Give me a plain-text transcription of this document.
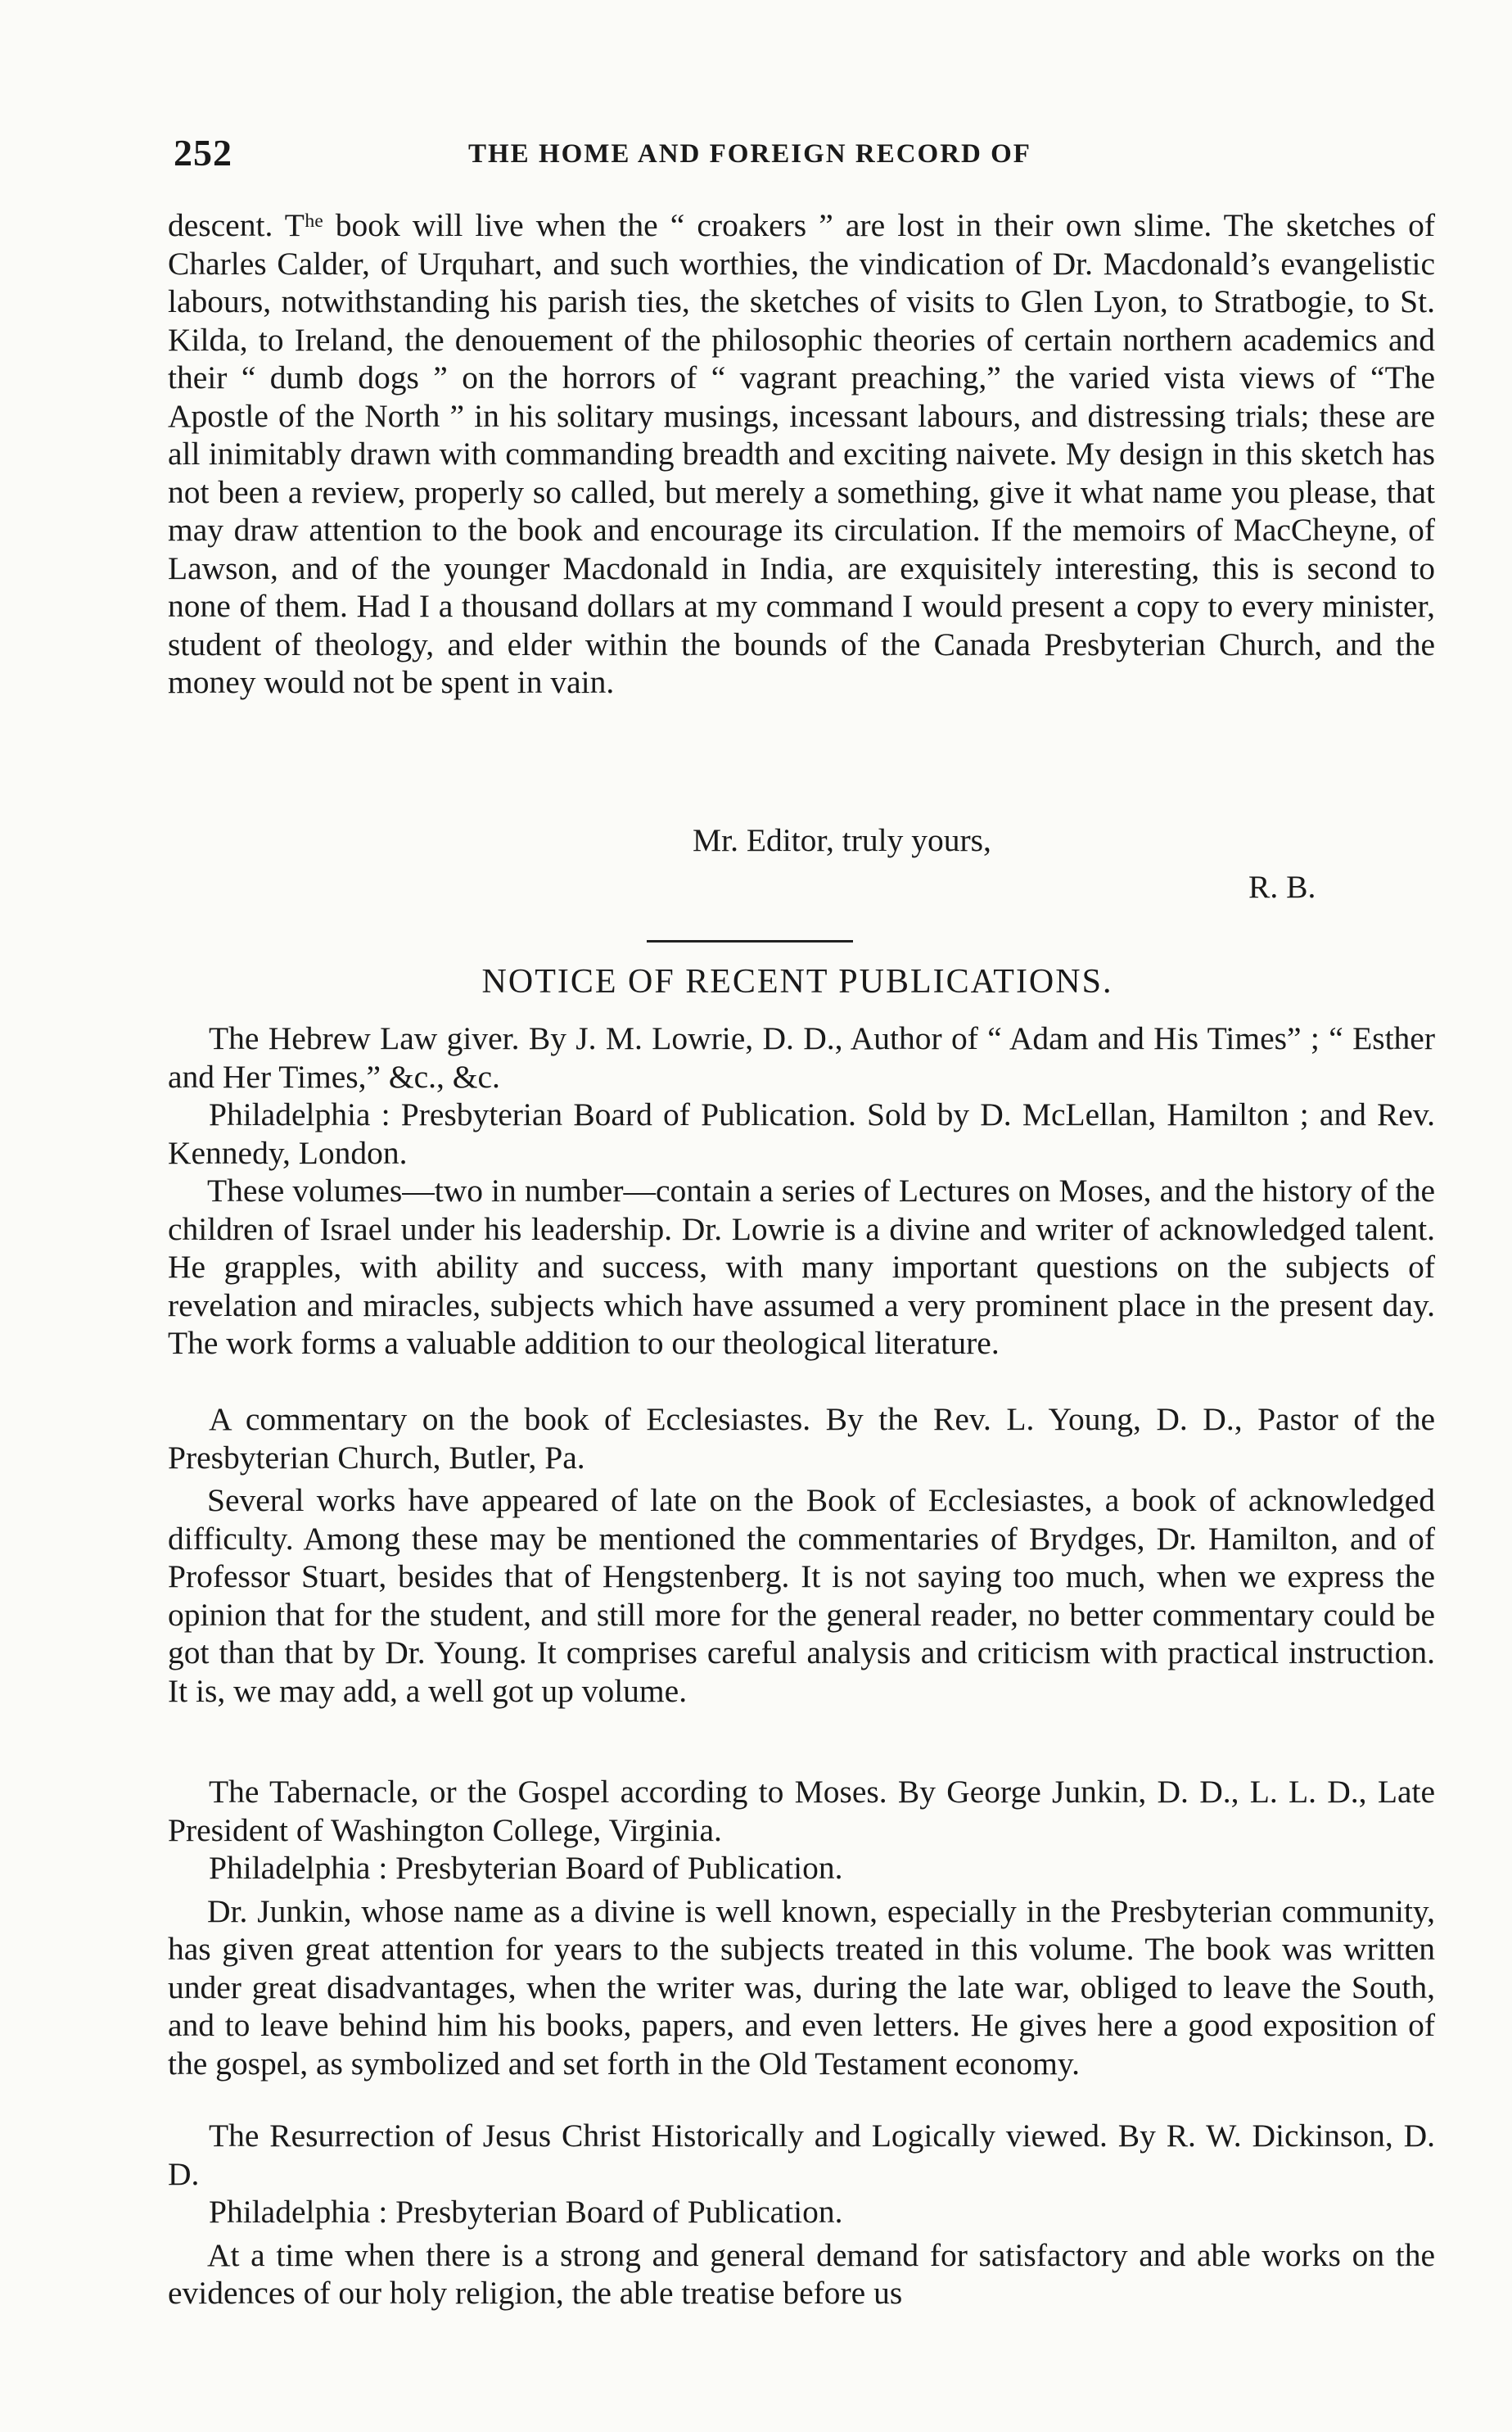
252	THE HOME AND FOREIGN RECORD OF

descent. Tʰᵉ book will live when the “ croakers ” are lost in their own slime. The sketches of Charles Calder, of Urquhart, and such worthies, the vindication of Dr. Macdonald’s evangelistic labours, notwithstanding his parish ties, the sketches of visits to Glen Lyon, to Stratbogie, to St. Kilda, to Ireland, the denouement of the philosophic theories of certain northern academics and their “ dumb dogs ” on the horrors of “ vagrant preaching,” the varied vista views of “The Apostle of the North ” in his solitary musings, incessant labours, and distressing trials; these are all inimitably drawn with commanding breadth and exciting naivete. My design in this sketch has not been a review, properly so called, but merely a something, give it what name you please, that may draw attention to the book and encourage its circulation. If the memoirs of MacCheyne, of Lawson, and of the younger Macdonald in India, are exquisitely interesting, this is second to none of them. Had I a thousand dollars at my command I would present a copy to every minister, student of theology, and elder within the bounds of the Canada Presbyterian Church, and the money would not be spent in vain.

Mr. Editor, truly yours,
R. B.
NOTICE OF RECENT PUBLICATIONS.

The Hebrew Law giver. By J. M. Lowrie, D. D., Author of “ Adam and His Times” ; “ Esther and Her Times,” &c., &c.

Philadelphia : Presbyterian Board of Publication. Sold by D. McLellan, Hamilton ; and Rev. Kennedy, London.

These volumes—two in number—contain a series of Lectures on Moses, and the history of the children of Israel under his leadership. Dr. Lowrie is a divine and writer of acknowledged talent. He grapples, with ability and success, with many important questions on the subjects of revelation and miracles, subjects which have assumed a very prominent place in the present day. The work forms a valuable addition to our theological literature.

A commentary on the book of Ecclesiastes. By the Rev. L. Young, D. D., Pastor of the Presbyterian Church, Butler, Pa.

Several works have appeared of late on the Book of Ecclesiastes, a book of acknowledged difficulty. Among these may be mentioned the commentaries of Brydges, Dr. Hamilton, and of Professor Stuart, besides that of Hengstenberg. It is not saying too much, when we express the opinion that for the student, and still more for the general reader, no better commentary could be got than that by Dr. Young. It comprises careful analysis and criticism with practical instruction. It is, we may add, a well got up volume.

The Tabernacle, or the Gospel according to Moses. By George Junkin, D. D., L. L. D., Late President of Washington College, Virginia.

Philadelphia : Presbyterian Board of Publication.

Dr. Junkin, whose name as a divine is well known, especially in the Presbyterian community, has given great attention for years to the subjects treated in this volume. The book was written under great disadvantages, when the writer was, during the late war, obliged to leave the South, and to leave behind him his books, papers, and even letters. He gives here a good exposition of the gospel, as symbolized and set forth in the Old Testament economy.

The Resurrection of Jesus Christ Historically and Logically viewed. By R. W. Dickinson, D. D.

Philadelphia : Presbyterian Board of Publication.

At a time when there is a strong and general demand for satisfactory and able works on the evidences of our holy religion, the able treatise before us
